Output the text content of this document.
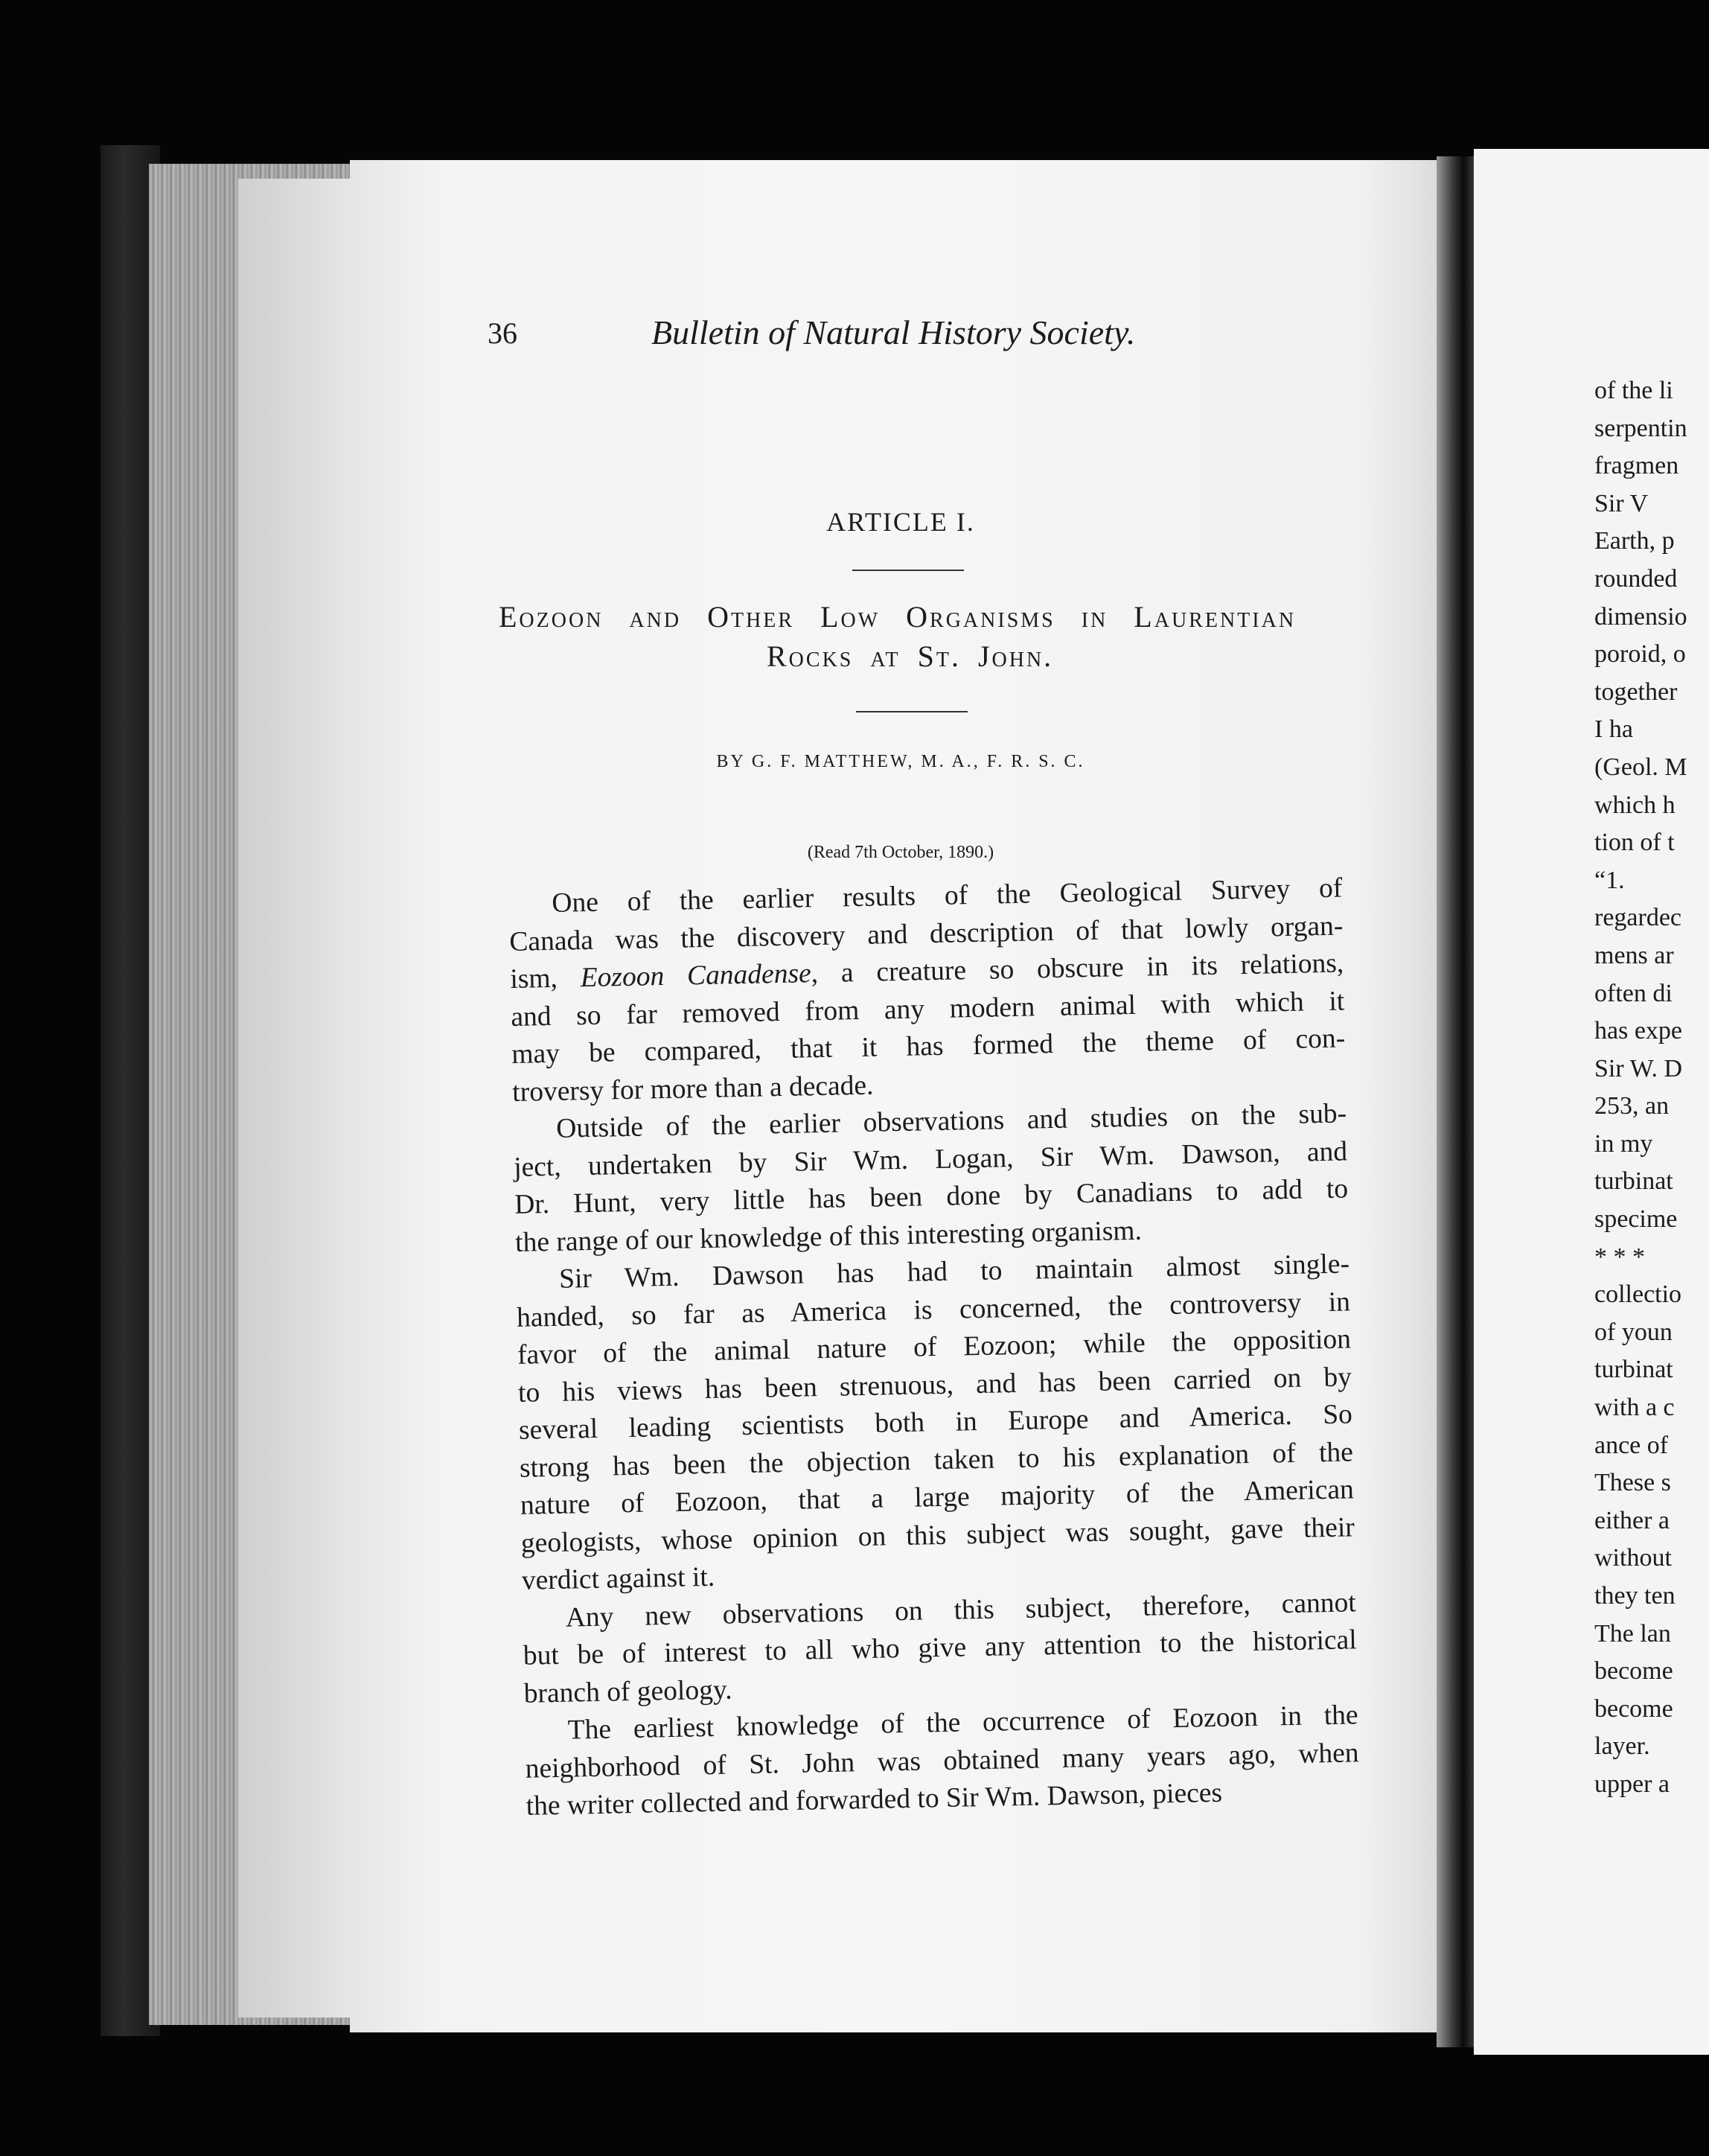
36	Bulletin of Natural History Society.
ARTICLE I.
Eozoon and Other Low Organisms in Laurentian
Rocks at St. John.
BY G. F. MATTHEW, M. A., F. R. S. C.
(Read 7th October, 1890.)
One of the earlier results of the Geological Survey of
Canada was the discovery and description of that lowly organ-
ism, Eozoon Canadense, a creature so obscure in its relations,
and so far removed from any modern animal with which it
may be compared, that it has formed the theme of con-
troversy for more than a decade.
Outside of the earlier observations and studies on the sub-
ject, undertaken by Sir Wm. Logan, Sir Wm. Dawson, and
Dr. Hunt, very little has been done by Canadians to add to
the range of our knowledge of this interesting organism.
Sir Wm. Dawson has had to maintain almost single-
handed, so far as America is concerned, the controversy in
favor of the animal nature of Eozoon; while the opposition
to his views has been strenuous, and has been carried on by
several leading scientists both in Europe and America. So
strong has been the objection taken to his explanation of the
nature of Eozoon, that a large majority of the American
geologists, whose opinion on this subject was sought, gave their
verdict against it.
Any new observations on this subject, therefore, cannot
but be of interest to all who give any attention to the historical
branch of geology.
The earliest knowledge of the occurrence of Eozoon in the
neighborhood of St. John was obtained many years ago, when
the writer collected and forwarded to Sir Wm. Dawson, pieces
of the li
serpentin
fragmen
Sir V
Earth, p
rounded
dimensio
poroid, o
together
I ha
(Geol. M
which h
tion of t
“1.
regardec
mens ar
often di
has expe
Sir W. D
253, an
in my
turbinat
specime
* * *
collectio
of youn
turbinat
with a c
ance of
These s
either a
without
they ten
The lan
become
become
layer.
upper a
